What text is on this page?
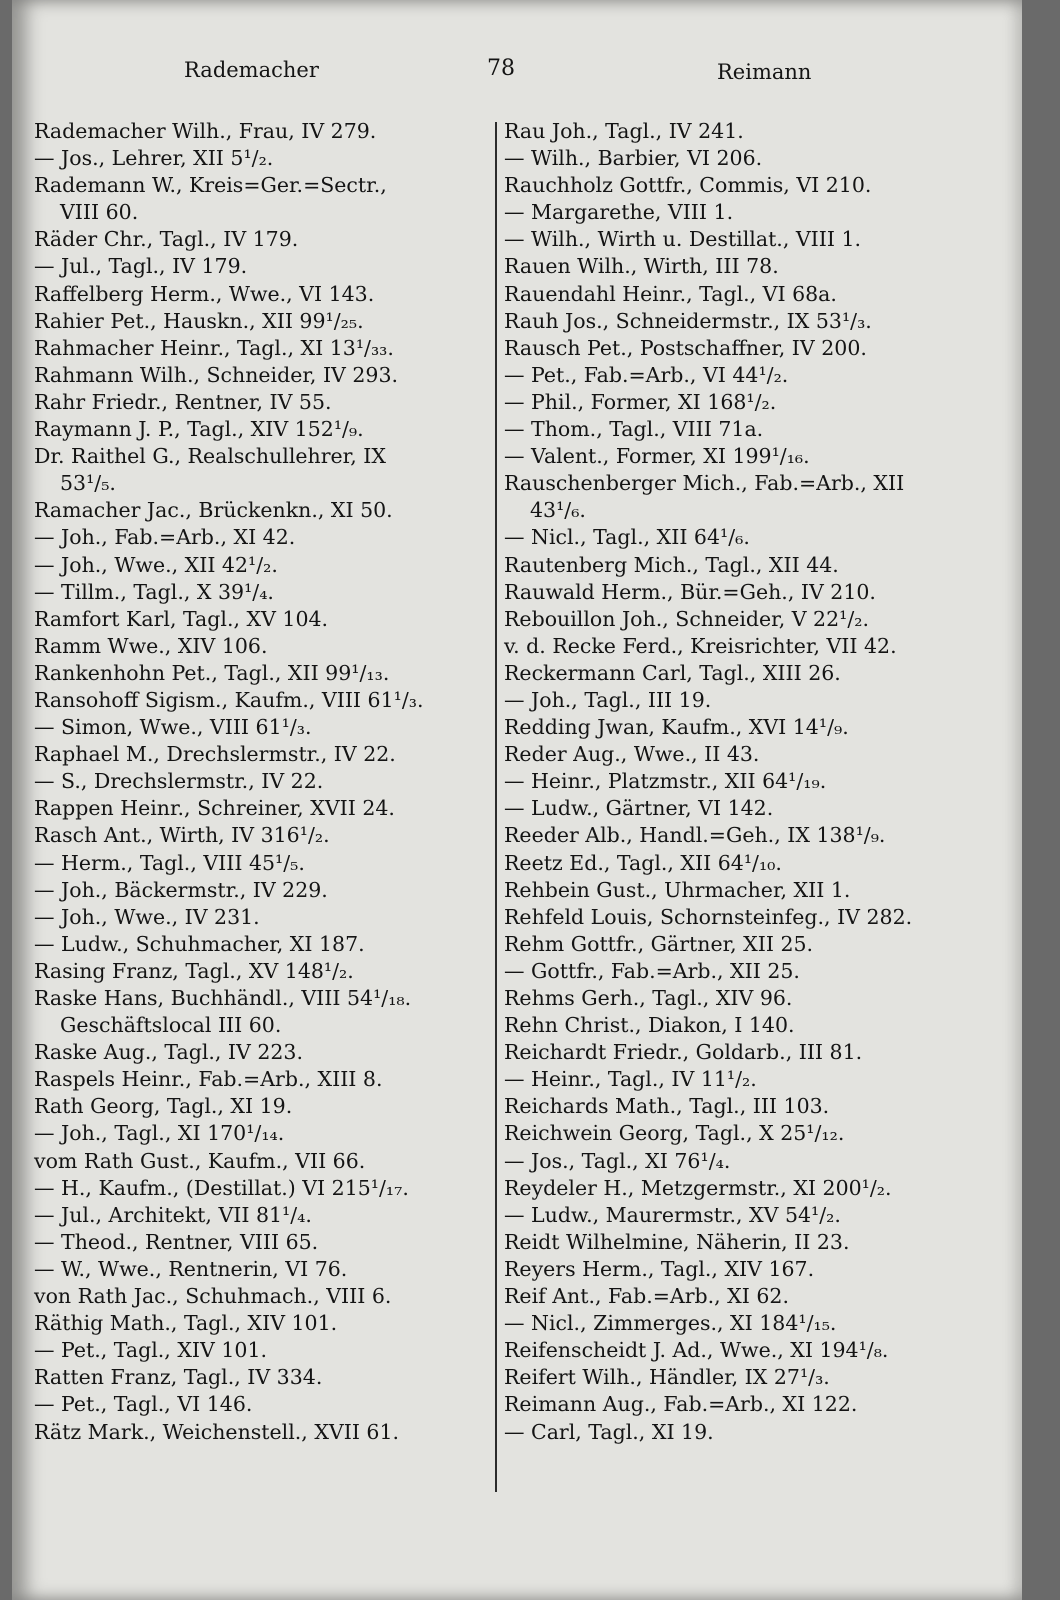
Rademacher	78	Reimann
Rademacher Wilh., Frau, IV 279.
— Jos., Lehrer, XII 5¹/₂.
Rademann W., Kreis=Ger.=Sectr.,
VIII 60.
Räder Chr., Tagl., IV 179.
— Jul., Tagl., IV 179.
Raffelberg Herm., Wwe., VI 143.
Rahier Pet., Hauskn., XII 99¹/₂₅.
Rahmacher Heinr., Tagl., XI 13¹/₃₃.
Rahmann Wilh., Schneider, IV 293.
Rahr Friedr., Rentner, IV 55.
Raymann J. P., Tagl., XIV 152¹/₉.
Dr. Raithel G., Realschullehrer, IX
53¹/₅.
Ramacher Jac., Brückenkn., XI 50.
— Joh., Fab.=Arb., XI 42.
— Joh., Wwe., XII 42¹/₂.
— Tillm., Tagl., X 39¹/₄.
Ramfort Karl, Tagl., XV 104.
Ramm Wwe., XIV 106.
Rankenhohn Pet., Tagl., XII 99¹/₁₃.
Ransohoff Sigism., Kaufm., VIII 61¹/₃.
— Simon, Wwe., VIII 61¹/₃.
Raphael M., Drechslermstr., IV 22.
— S., Drechslermstr., IV 22.
Rappen Heinr., Schreiner, XVII 24.
Rasch Ant., Wirth, IV 316¹/₂.
— Herm., Tagl., VIII 45¹/₅.
— Joh., Bäckermstr., IV 229.
— Joh., Wwe., IV 231.
— Ludw., Schuhmacher, XI 187.
Rasing Franz, Tagl., XV 148¹/₂.
Raske Hans, Buchhändl., VIII 54¹/₁₈.
Geschäftslocal III 60.
Raske Aug., Tagl., IV 223.
Raspels Heinr., Fab.=Arb., XIII 8.
Rath Georg, Tagl., XI 19.
— Joh., Tagl., XI 170¹/₁₄.
vom Rath Gust., Kaufm., VII 66.
— H., Kaufm., (Destillat.) VI 215¹/₁₇.
— Jul., Architekt, VII 81¹/₄.
— Theod., Rentner, VIII 65.
— W., Wwe., Rentnerin, VI 76.
von Rath Jac., Schuhmach., VIII 6.
Räthig Math., Tagl., XIV 101.
— Pet., Tagl., XIV 101.
Ratten Franz, Tagl., IV 334.
— Pet., Tagl., VI 146.
Rätz Mark., Weichenstell., XVII 61.
Rau Joh., Tagl., IV 241.
— Wilh., Barbier, VI 206.
Rauchholz Gottfr., Commis, VI 210.
— Margarethe, VIII 1.
— Wilh., Wirth u. Destillat., VIII 1.
Rauen Wilh., Wirth, III 78.
Rauendahl Heinr., Tagl., VI 68a.
Rauh Jos., Schneidermstr., IX 53¹/₃.
Rausch Pet., Postschaffner, IV 200.
— Pet., Fab.=Arb., VI 44¹/₂.
— Phil., Former, XI 168¹/₂.
— Thom., Tagl., VIII 71a.
— Valent., Former, XI 199¹/₁₆.
Rauschenberger Mich., Fab.=Arb., XII
43¹/₆.
— Nicl., Tagl., XII 64¹/₆.
Rautenberg Mich., Tagl., XII 44.
Rauwald Herm., Bür.=Geh., IV 210.
Rebouillon Joh., Schneider, V 22¹/₂.
v. d. Recke Ferd., Kreisrichter, VII 42.
Reckermann Carl, Tagl., XIII 26.
— Joh., Tagl., III 19.
Redding Jwan, Kaufm., XVI 14¹/₉.
Reder Aug., Wwe., II 43.
— Heinr., Platzmstr., XII 64¹/₁₉.
— Ludw., Gärtner, VI 142.
Reeder Alb., Handl.=Geh., IX 138¹/₉.
Reetz Ed., Tagl., XII 64¹/₁₀.
Rehbein Gust., Uhrmacher, XII 1.
Rehfeld Louis, Schornsteinfeg., IV 282.
Rehm Gottfr., Gärtner, XII 25.
— Gottfr., Fab.=Arb., XII 25.
Rehms Gerh., Tagl., XIV 96.
Rehn Christ., Diakon, I 140.
Reichardt Friedr., Goldarb., III 81.
— Heinr., Tagl., IV 11¹/₂.
Reichards Math., Tagl., III 103.
Reichwein Georg, Tagl., X 25¹/₁₂.
— Jos., Tagl., XI 76¹/₄.
Reydeler H., Metzgermstr., XI 200¹/₂.
— Ludw., Maurermstr., XV 54¹/₂.
Reidt Wilhelmine, Näherin, II 23.
Reyers Herm., Tagl., XIV 167.
Reif Ant., Fab.=Arb., XI 62.
— Nicl., Zimmerges., XI 184¹/₁₅.
Reifenscheidt J. Ad., Wwe., XI 194¹/₈.
Reifert Wilh., Händler, IX 27¹/₃.
Reimann Aug., Fab.=Arb., XI 122.
— Carl, Tagl., XI 19.
